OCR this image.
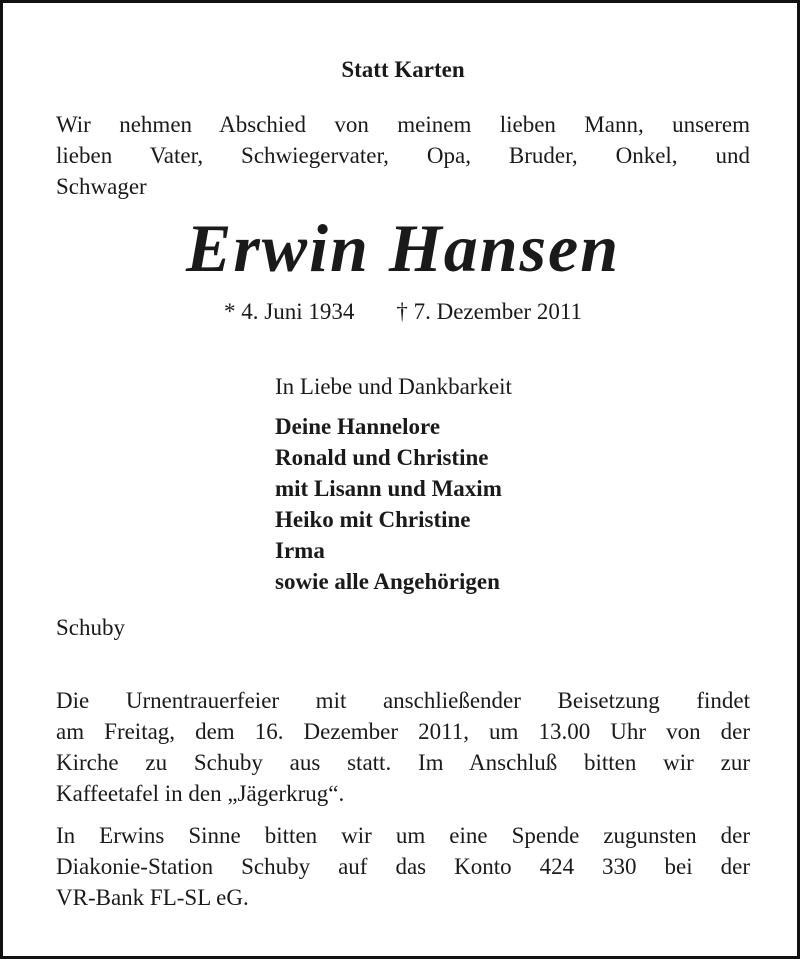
Statt Karten
Wir nehmen Abschied von meinem lieben Mann, unserem
lieben Vater, Schwiegervater, Opa, Bruder, Onkel, und
Schwager
Erwin Hansen
* 4. Juni 1934 † 7. Dezember 2011
In Liebe und Dankbarkeit
Deine Hannelore
Ronald und Christine
mit Lisann und Maxim
Heiko mit Christine
Irma
sowie alle Angehörigen
Schuby
Die Urnentrauerfeier mit anschließender Beisetzung findet
am Freitag, dem 16. Dezember 2011, um 13.00 Uhr von der
Kirche zu Schuby aus statt. Im Anschluß bitten wir zur
Kaffeetafel in den „Jägerkrug“.
In Erwins Sinne bitten wir um eine Spende zugunsten der
Diakonie-Station Schuby auf das Konto 424 330 bei der
VR-Bank FL-SL eG.
